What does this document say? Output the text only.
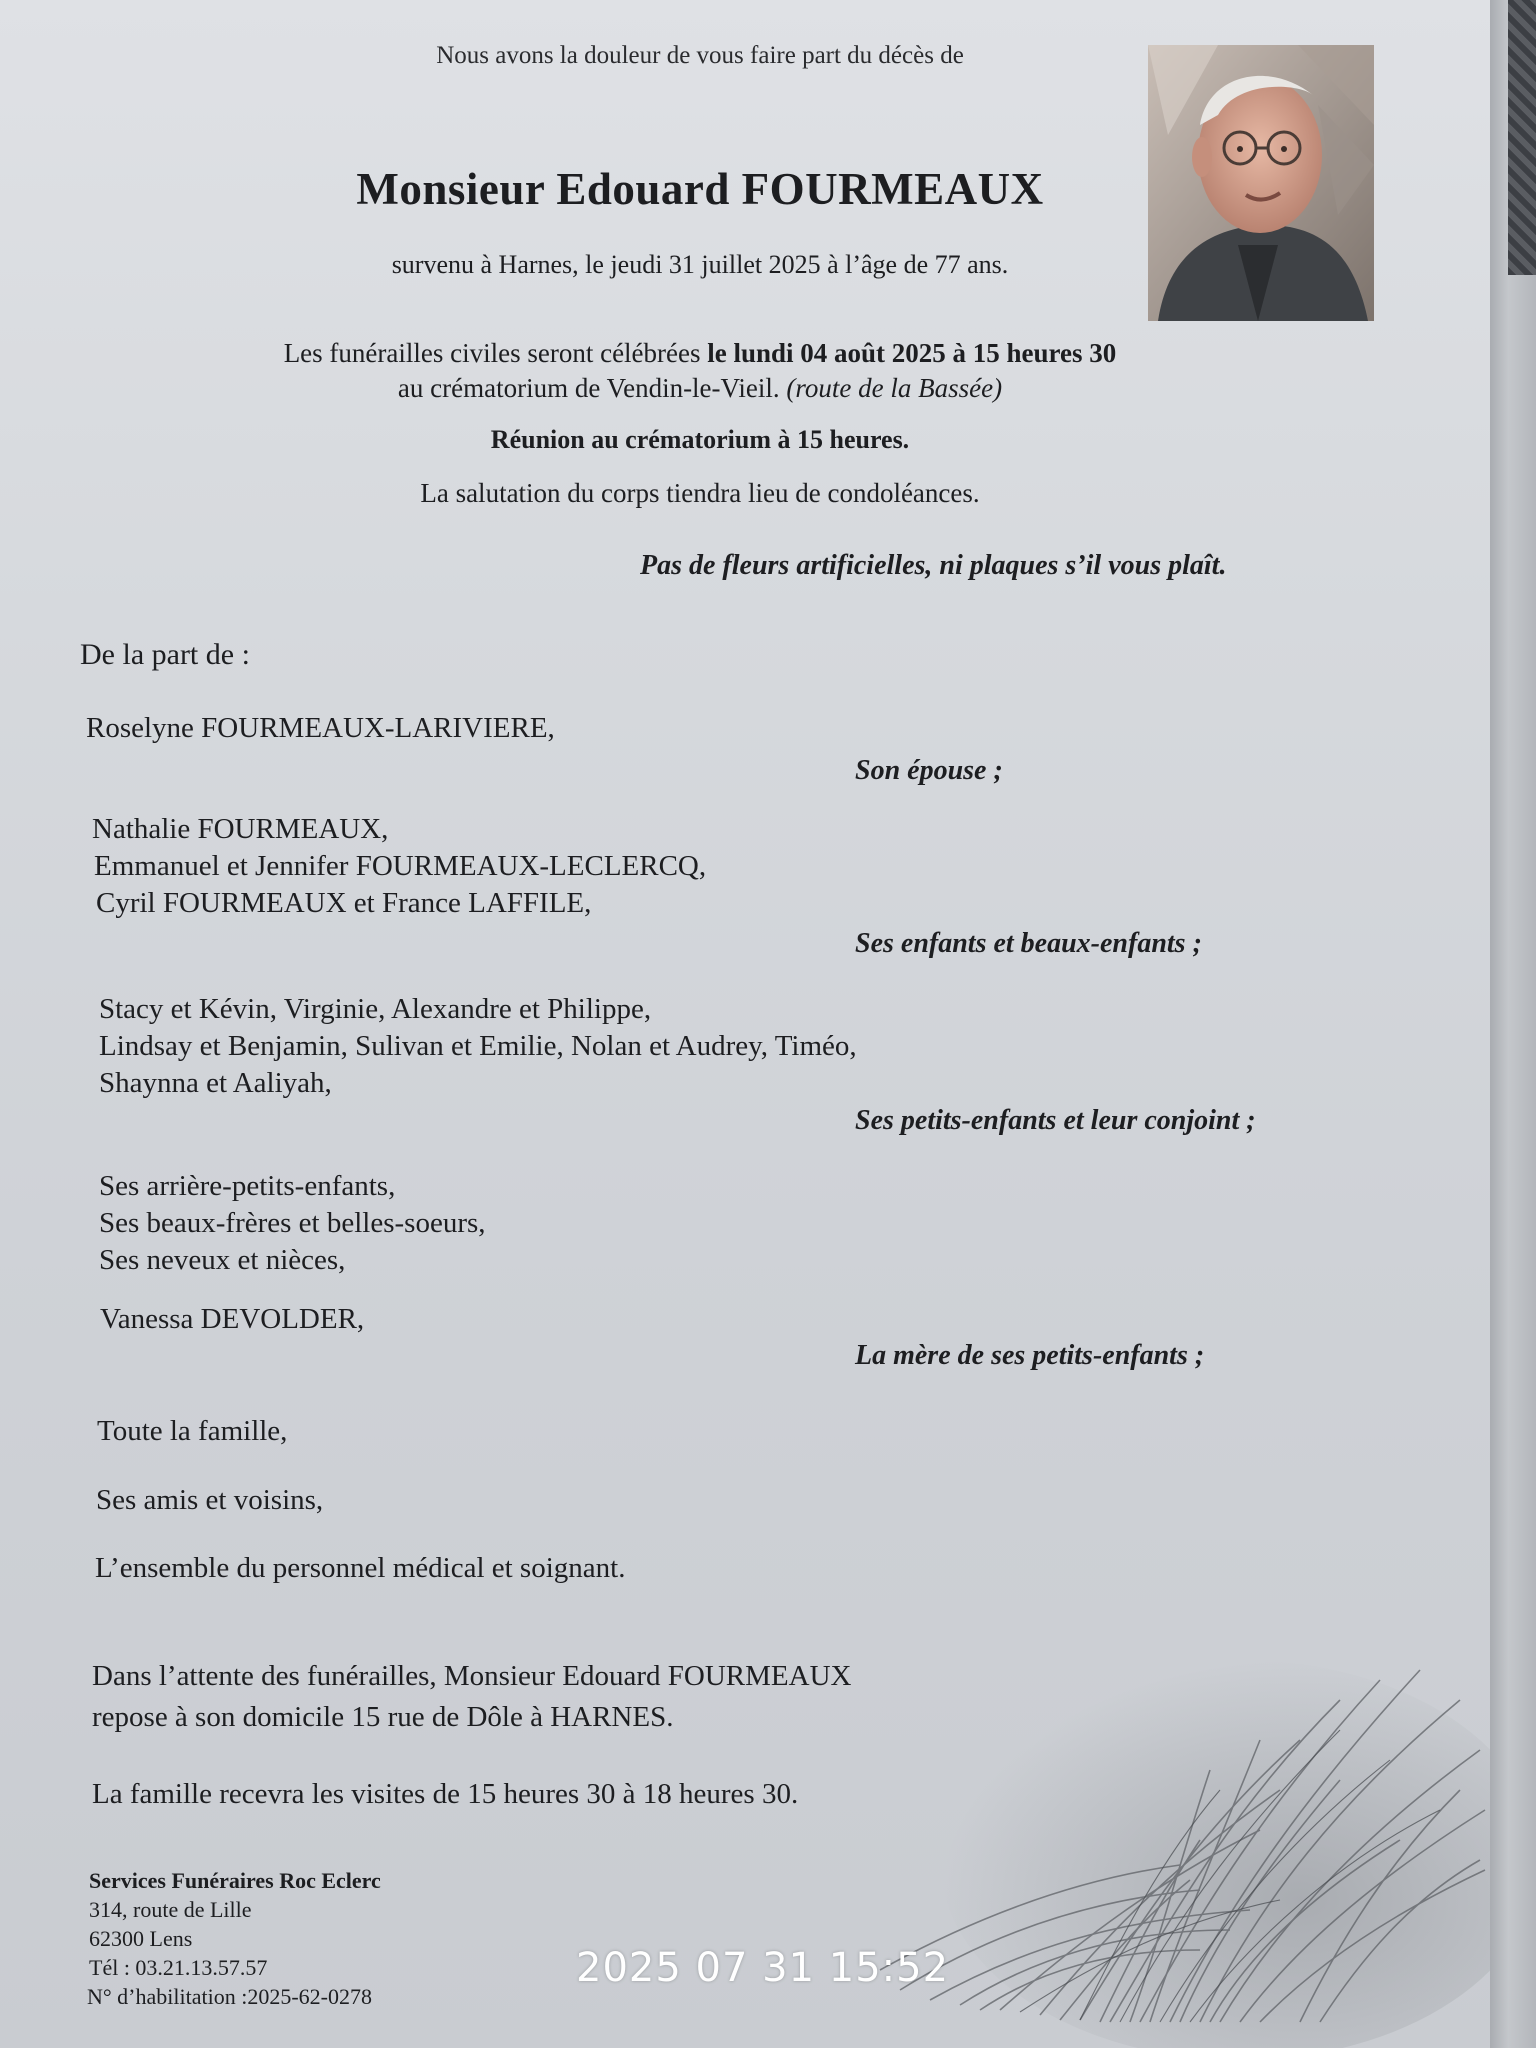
Nous avons la douleur de vous faire part du décès de
Monsieur Edouard FOURMEAUX
survenu à Harnes, le jeudi 31 juillet 2025 à l’âge de 77 ans.
Les funérailles civiles seront célébrées le lundi 04 août 2025 à 15 heures 30
au crématorium de Vendin-le-Vieil. (route de la Bassée)
Réunion au crématorium à 15 heures.
La salutation du corps tiendra lieu de condoléances.
Pas de fleurs artificielles, ni plaques s’il vous plaît.
De la part de :
Roselyne FOURMEAUX-LARIVIERE,
Son épouse ;
Nathalie FOURMEAUX,
Emmanuel et Jennifer FOURMEAUX-LECLERCQ,
Cyril FOURMEAUX et France LAFFILE,
Ses enfants et beaux-enfants ;
Stacy et Kévin, Virginie, Alexandre et Philippe,
Lindsay et Benjamin, Sulivan et Emilie, Nolan et Audrey, Timéo,
Shaynna et Aaliyah,
Ses petits-enfants et leur conjoint ;
Ses arrière-petits-enfants,
Ses beaux-frères et belles-soeurs,
Ses neveux et nièces,
Vanessa DEVOLDER,
La mère de ses petits-enfants ;
Toute la famille,
Ses amis et voisins,
L’ensemble du personnel médical et soignant.
Dans l’attente des funérailles, Monsieur Edouard FOURMEAUX
repose à son domicile 15 rue de Dôle à HARNES.
La famille recevra les visites de 15 heures 30 à 18 heures 30.
Services Funéraires Roc Eclerc
314, route de Lille
62300 Lens
Tél : 03.21.13.57.57
N° d’habilitation :2025-62-0278
2025 07 31 15:52
